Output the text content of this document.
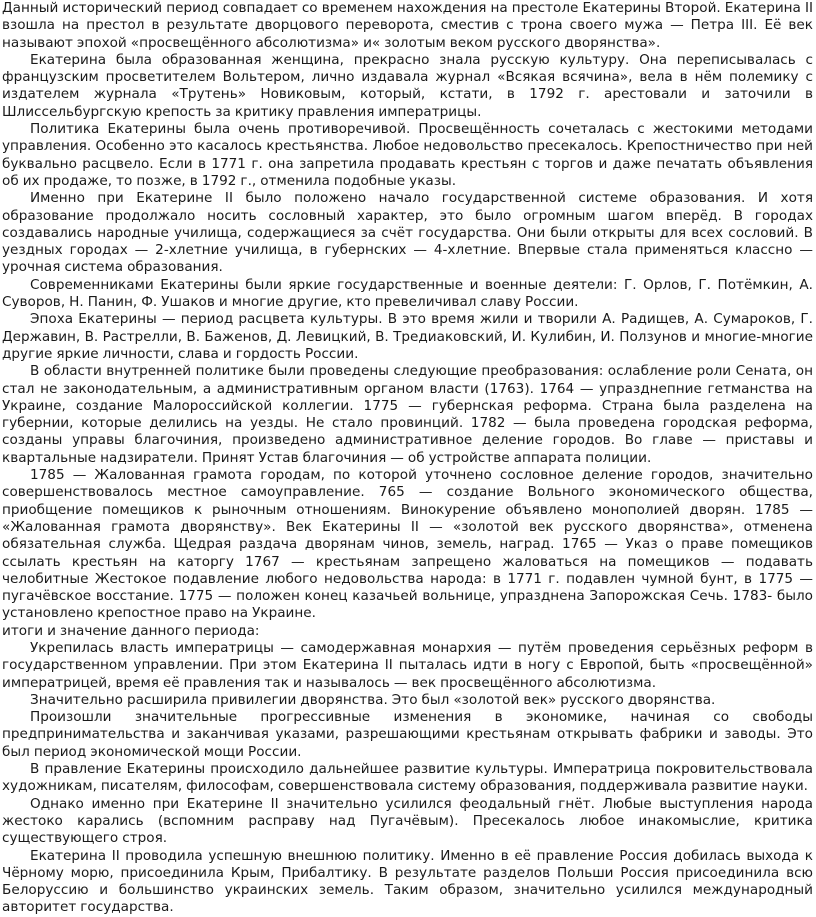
Данный исторический период совпадает со временем нахождения на престоле Екатерины Второй. Екатерина II взошла на престол в результате дворцового переворота, сместив с трона своего мужа — Петра III. Её век называют эпохой «просвещённого абсолютизма» и« золотым веком русского дворянства».

Екатерина была образованная женщина, прекрасно знала русскую культуру. Она переписывалась с французским просветителем Вольтером, лично издавала журнал «Всякая всячина», вела в нём полемику с издателем журнала «Трутень» Новиковым, который, кстати, в 1792 г. арестовали и заточили в Шлиссельбургскую крепость за критику правления императрицы.

Политика Екатерины была очень противоречивой. Просвещённость сочеталась с жестокими методами управления. Особенно это касалось крестьянства. Любое недовольство пресекалось. Крепостничество при ней буквально расцвело. Если в 1771 г. она запретила продавать крестьян с торгов и даже печатать объявления об их продаже, то позже, в 1792 г., отменила подобные указы.

Именно при Екатерине II было положено начало государственной системе образования. И хотя образование продолжало носить сословный характер, это было огромным шагом вперёд. В городах создавались народные училища, содержащиеся за счёт государства. Они были открыты для всех сословий. В уездных городах — 2-хлетние училища, в губернских — 4-хлетние. Впервые стала применяться классно — урочная система образования.

Современниками Екатерины были яркие государственные и военные деятели: Г. Орлов, Г. Потёмкин, А. Суворов, Н. Панин, Ф. Ушаков и многие другие, кто превеличивал славу России.

Эпоха Екатерины — период расцвета культуры. В это время жили и творили А. Радищев, А. Сумароков, Г. Державин, В. Растрелли, В. Баженов, Д. Левицкий, В. Тредиаковский, И. Кулибин, И. Ползунов и многие-многие другие яркие личности, слава и гордость России.

В области внутренней политике были проведены следующие преобразования: ослабление роли Сената, он стал не законодательным, а административным органом власти (1763). 1764 — упразднепние гетманства на Украине, создание Малороссийской коллегии. 1775 — губернская реформа. Страна была разделена на губернии, которые делились на уезды. Не стало провинций. 1782 — была проведена городская реформа, созданы управы благочиния, произведено административное деление городов. Во главе — приставы и квартальные надзиратели. Принят Устав благочиния — об устройстве аппарата полиции.

1785 — Жалованная грамота городам, по которой уточнено сословное деление городов, значительно совершенствовалось местное самоуправление. 765 — создание Вольного экономического общества, приобщение помещиков к рыночным отношениям. Винокурение объявлено монополией дворян. 1785 — «Жалованная грамота дворянству». Век Екатерины II — «золотой век русского дворянства», отменена обязательная служба. Щедрая раздача дворянам чинов, земель, наград. 1765 — Указ о праве помещиков ссылать крестьян на каторгу 1767 — крестьянам запрещено жаловаться на помещиков — подавать челобитные Жестокое подавление любого недовольства народа: в 1771 г. подавлен чумной бунт, в 1775 — пугачёвское восстание. 1775 — положен конец казачьей вольнице, упразднена Запорожская Сечь. 1783- было установлено крепостное право на Украине.

итоги и значение данного периода:

Укрепилась власть императрицы — самодержавная монархия — путём проведения серьёзных реформ в государственном управлении. При этом Екатерина II пыталась идти в ногу с Европой, быть «просвещённой» императрицей, время её правления так и называлось — век просвещённого абсолютизма.

Значительно расширила привилегии дворянства. Это был «золотой век» русского дворянства.

Произошли значительные прогрессивные изменения в экономике, начиная со свободы предпринимательства и заканчивая указами, разрешающими крестьянам открывать фабрики и заводы. Это был период экономической мощи России.

В правление Екатерины происходило дальнейшее развитие культуры. Императрица покровительствовала художникам, писателям, философам, совершенствовала систему образования, поддерживала развитие науки.

Однако именно при Екатерине II значительно усилился феодальный гнёт. Любые выступления народа жестоко карались (вспомним расправу над Пугачёвым). Пресекалось любое инакомыслие, критика существующего строя.

Екатерина II проводила успешную внешнюю политику. Именно в её правление Россия добилась выхода к Чёрному морю, присоединила Крым, Прибалтику. В результате разделов Польши Россия присоединила всю Белоруссию и большинство украинских земель. Таким образом, значительно усилился международный авторитет государства.
